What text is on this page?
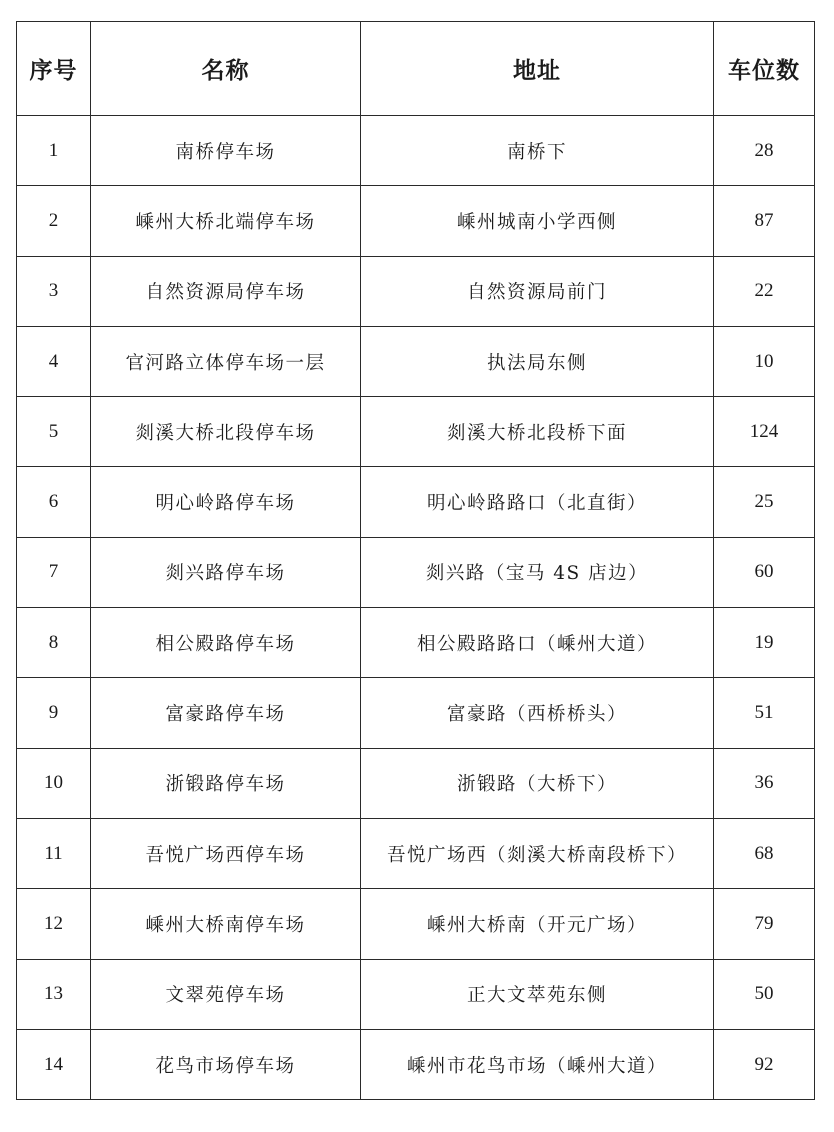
序号	名称	地址	车位数
1	南桥停车场	南桥下	28
2	嵊州大桥北端停车场	嵊州城南小学西侧	87
3	自然资源局停车场	自然资源局前门	22
4	官河路立体停车场一层	执法局东侧	10
5	剡溪大桥北段停车场	剡溪大桥北段桥下面	124
6	明心岭路停车场	明心岭路路口（北直街）	25
7	剡兴路停车场	剡兴路（宝马 4S 店边）	60
8	相公殿路停车场	相公殿路路口（嵊州大道）	19
9	富豪路停车场	富豪路（西桥桥头）	51
10	浙锻路停车场	浙锻路（大桥下）	36
11	吾悦广场西停车场	吾悦广场西（剡溪大桥南段桥下）	68
12	嵊州大桥南停车场	嵊州大桥南（开元广场）	79
13	文翠苑停车场	正大文萃苑东侧	50
14	花鸟市场停车场	嵊州市花鸟市场（嵊州大道）	92
